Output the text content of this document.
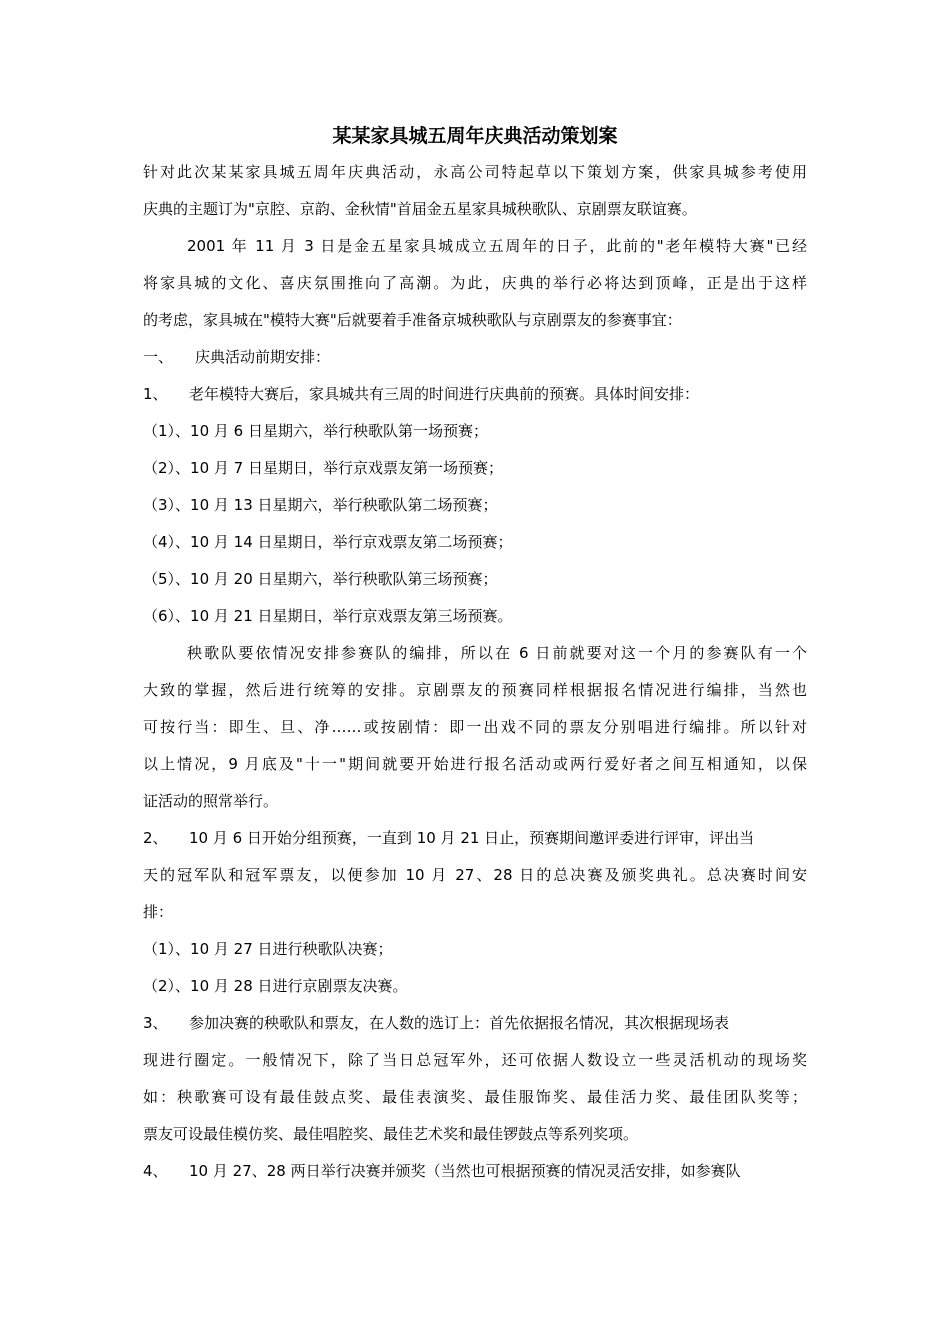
某某家具城五周年庆典活动策划案

针对此次某某家具城五周年庆典活动，永高公司特起草以下策划方案，供家具城参考使用

庆典的主题订为"京腔、京韵、金秋情"首届金五星家具城秧歌队、京剧票友联谊赛。

2001 年 11 月 3 日是金五星家具城成立五周年的日子，此前的"老年模特大赛"已经

将家具城的文化、喜庆氛围推向了高潮。为此，庆典的举行必将达到顶峰，正是出于这样

的考虑，家具城在"模特大赛"后就要着手准备京城秧歌队与京剧票友的参赛事宜：

一、 庆典活动前期安排：

1、 老年模特大赛后，家具城共有三周的时间进行庆典前的预赛。具体时间安排：

（1）、10 月 6 日星期六，举行秧歌队第一场预赛；

（2）、10 月 7 日星期日，举行京戏票友第一场预赛；

（3）、10 月 13 日星期六，举行秧歌队第二场预赛；

（4）、10 月 14 日星期日，举行京戏票友第二场预赛；

（5）、10 月 20 日星期六，举行秧歌队第三场预赛；

（6）、10 月 21 日星期日，举行京戏票友第三场预赛。

秧歌队要依情况安排参赛队的编排，所以在 6 日前就要对这一个月的参赛队有一个

大致的掌握，然后进行统筹的安排。京剧票友的预赛同样根据报名情况进行编排，当然也

可按行当：即生、旦、净……或按剧情：即一出戏不同的票友分别唱进行编排。所以针对

以上情况，9 月底及"十一"期间就要开始进行报名活动或两行爱好者之间互相通知，以保

证活动的照常举行。

2、 10 月 6 日开始分组预赛，一直到 10 月 21 日止，预赛期间邀评委进行评审，评出当

天的冠军队和冠军票友，以便参加 10 月 27、28 日的总决赛及颁奖典礼。总决赛时间安

排：

（1）、10 月 27 日进行秧歌队决赛；

（2）、10 月 28 日进行京剧票友决赛。

3、 参加决赛的秧歌队和票友，在人数的选订上：首先依据报名情况，其次根据现场表

现进行圈定。一般情况下，除了当日总冠军外，还可依据人数设立一些灵活机动的现场奖

如：秧歌赛可设有最佳鼓点奖、最佳表演奖、最佳服饰奖、最佳活力奖、最佳团队奖等；

票友可设最佳模仿奖、最佳唱腔奖、最佳艺术奖和最佳锣鼓点等系列奖项。

4、 10 月 27、28 两日举行决赛并颁奖（当然也可根据预赛的情况灵活安排，如参赛队
